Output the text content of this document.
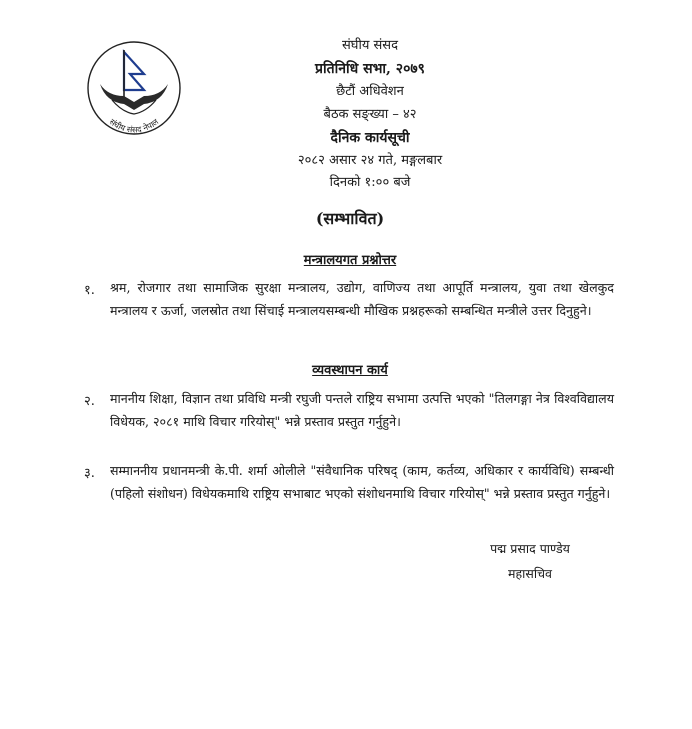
संघीय संसद नेपाल
संघीय संसद
प्रतिनिधि सभा, २०७९
छैटौं अधिवेशन
बैठक सङ्ख्या – ४२
दैनिक कार्यसूची
२०८२ असार २४ गते, मङ्गलबार
दिनको १:०० बजे
(सम्भावित)
मन्त्रालयगत प्रश्नोत्तर
१. श्रम, रोजगार तथा सामाजिक सुरक्षा मन्त्रालय, उद्योग, वाणिज्य तथा आपूर्ति मन्त्रालय, युवा तथा खेलकुद मन्त्रालय र ऊर्जा, जलस्रोत तथा सिंचाई मन्त्रालयसम्बन्धी मौखिक प्रश्नहरूको सम्बन्धित मन्त्रीले उत्तर दिनुहुने।

व्यवस्थापन कार्य
२. माननीय शिक्षा, विज्ञान तथा प्रविधि मन्त्री रघुजी पन्तले राष्ट्रिय सभामा उत्पत्ति भएको "तिलगङ्गा नेत्र विश्वविद्यालय विधेयक, २०८१ माथि विचार गरियोस्" भन्ने प्रस्ताव प्रस्तुत गर्नुहुने।

३. सम्माननीय प्रधानमन्त्री के.पी. शर्मा ओलीले "संवैधानिक परिषद् (काम, कर्तव्य, अधिकार र कार्यविधि) सम्बन्धी (पहिलो संशोधन) विधेयकमाथि राष्ट्रिय सभाबाट भएको संशोधनमाथि विचार गरियोस्" भन्ने प्रस्ताव प्रस्तुत गर्नुहुने।

पद्म प्रसाद पाण्डेय
महासचिव
